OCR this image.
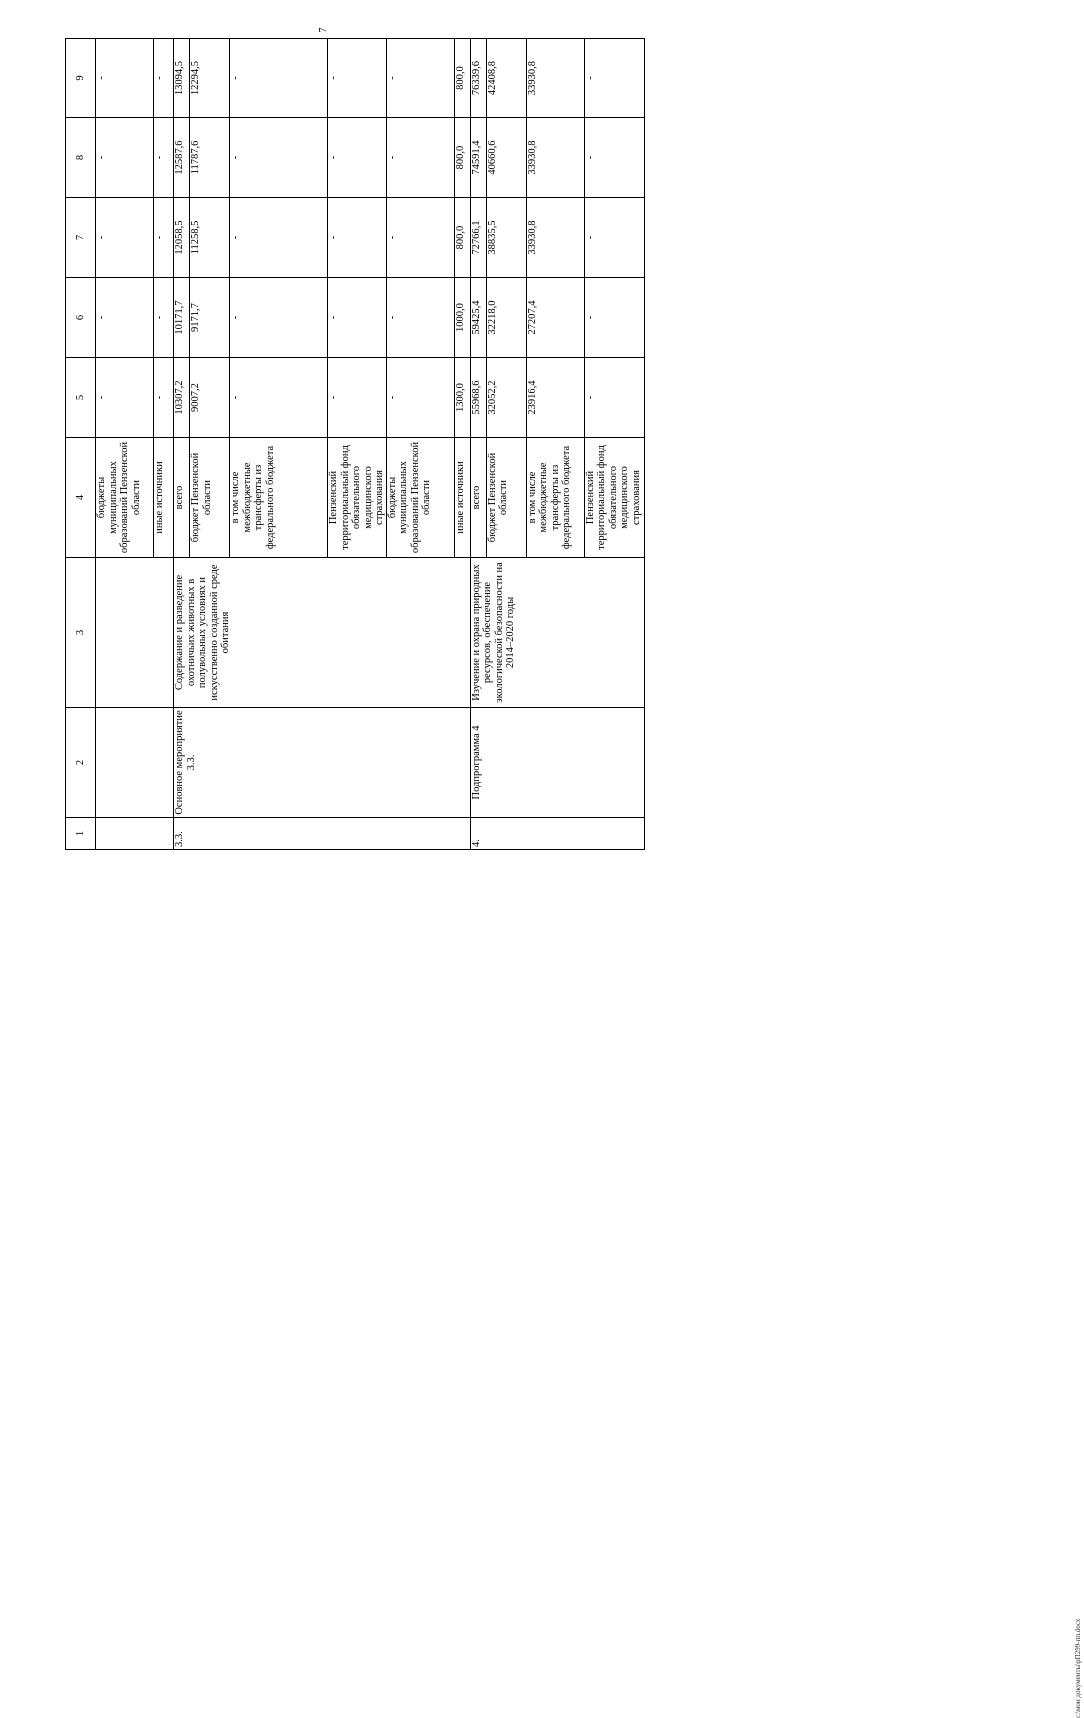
7
1	2	3	4	5	6	7	8	9
			бюджеты муниципальных образований Пензенской области	-	-	-	-	-
			иные источники	-	-	-	-	-
3.3.	Основное мероприятие 3.3.	Содержание и разведение охотничьих животных в полувольных условиях и искусственно созданной среде обитания	всего	10307,2	10171,7	12058,5	12587,6	13094,5
			бюджет Пензенской области	9007,2	9171,7	11258,5	11787,6	12294,5
			в том числе межбюджетные трансферты из федерального бюджета	-	-	-	-	-
			Пензенский территориальный фонд обязательного медицинского страхования	-	-	-	-	-
			бюджеты муниципальных образований Пензенской области	-	-	-	-	-
			иные источники	1300,0	1000,0	800,0	800,0	800,0
4.	Подпрограмма 4	Изучение и охрана природных ресурсов, обеспечение экологической безопасности на 2014–2020 годы	всего	55968,6	59425,4	72766,1	74591,4	76339,6
			бюджет Пензенской области	32052,2	32218,0	38835,5	40660,6	42408,8
			в том числе межбюджетные трансферты из федерального бюджета	23916,4	27207,4	33930,8	33930,8	33930,8
			Пензенский территориальный фонд обязательного медицинского страхования	-	-	-	-	-
c:\мои документы\рП299-пп.docx
